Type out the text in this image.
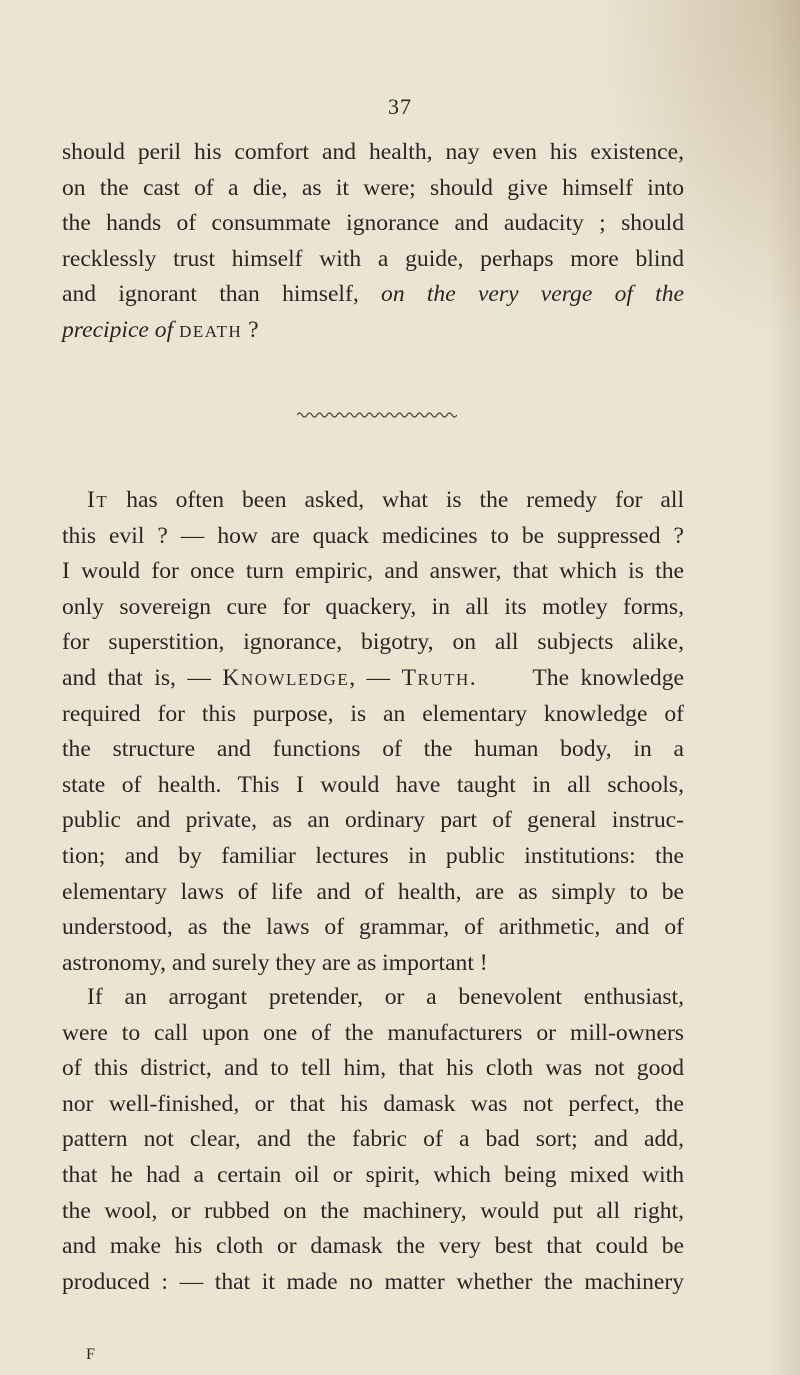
37
should peril his comfort and health, nay even his existence,
on the cast of a die, as it were; should give himself into
the hands of consummate ignorance and audacity ; should
recklessly trust himself with a guide, perhaps more blind
and ignorant than himself, on the very verge of the
precipice of death ?
It has often been asked, what is the remedy for all
this evil ? — how are quack medicines to be suppressed ?
I would for once turn empiric, and answer, that which is the
only sovereign cure for quackery, in all its motley forms,
for superstition, ignorance, bigotry, on all subjects alike,
and that is, — Knowledge, — Truth.     The knowledge
required for this purpose, is an elementary knowledge of
the structure and functions of the human body, in a
state of health. This I would have taught in all schools,
public and private, as an ordinary part of general instruc-
tion; and by familiar lectures in public institutions: the
elementary laws of life and of health, are as simply to be
understood, as the laws of grammar, of arithmetic, and of
astronomy, and surely they are as important !
If an arrogant pretender, or a benevolent enthusiast,
were to call upon one of the manufacturers or mill-owners
of this district, and to tell him, that his cloth was not good
nor well-finished, or that his damask was not perfect, the
pattern not clear, and the fabric of a bad sort; and add,
that he had a certain oil or spirit, which being mixed with
the wool, or rubbed on the machinery, would put all right,
and make his cloth or damask the very best that could be
produced : — that it made no matter whether the machinery
F
